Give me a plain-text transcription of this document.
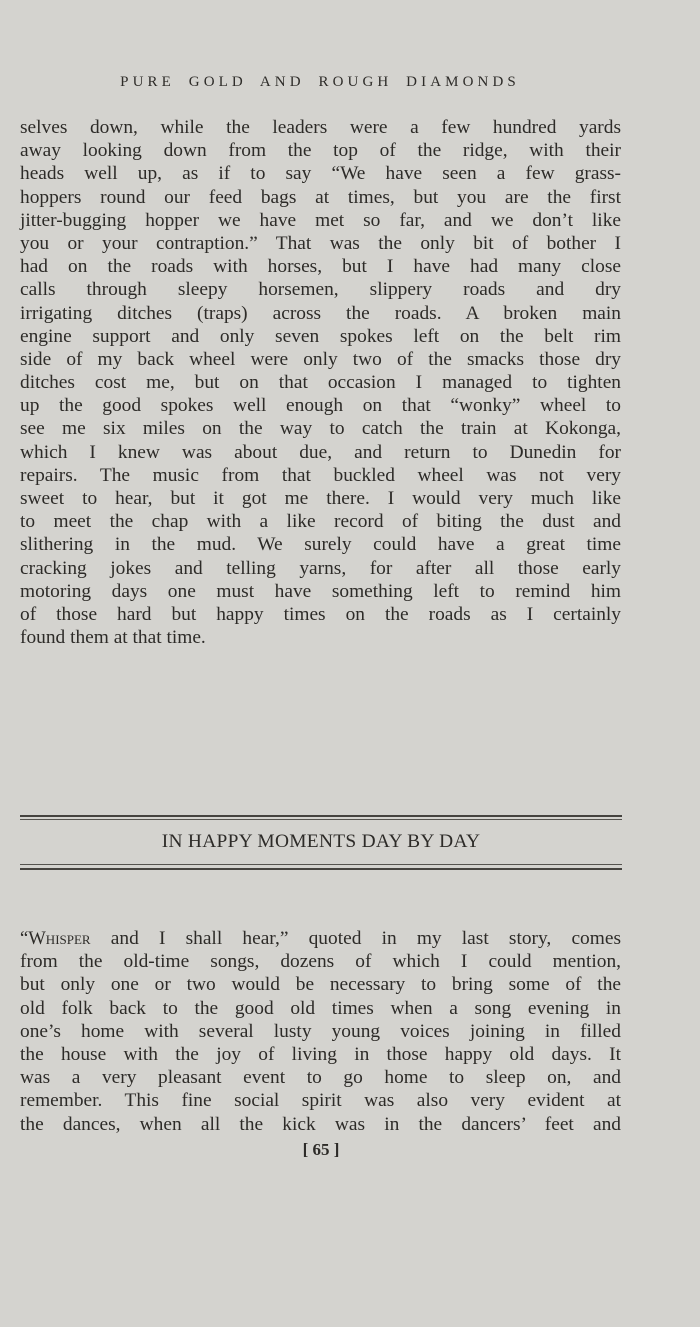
PURE GOLD AND ROUGH DIAMONDS
selves down, while the leaders were a few hundred yards
away looking down from the top of the ridge, with their
heads well up, as if to say “We have seen a few grass-
hoppers round our feed bags at times, but you are the first
jitter-bugging hopper we have met so far, and we don’t like
you or your contraption.” That was the only bit of bother I
had on the roads with horses, but I have had many close
calls through sleepy horsemen, slippery roads and dry
irrigating ditches (traps) across the roads. A broken main
engine support and only seven spokes left on the belt rim
side of my back wheel were only two of the smacks those dry
ditches cost me, but on that occasion I managed to tighten
up the good spokes well enough on that “wonky” wheel to
see me six miles on the way to catch the train at Kokonga,
which I knew was about due, and return to Dunedin for
repairs. The music from that buckled wheel was not very
sweet to hear, but it got me there. I would very much like
to meet the chap with a like record of biting the dust and
slithering in the mud. We surely could have a great time
cracking jokes and telling yarns, for after all those early
motoring days one must have something left to remind him
of those hard but happy times on the roads as I certainly
found them at that time.
IN HAPPY MOMENTS DAY BY DAY
“Whisper and I shall hear,” quoted in my last story, comes
from the old-time songs, dozens of which I could mention,
but only one or two would be necessary to bring some of the
old folk back to the good old times when a song evening in
one’s home with several lusty young voices joining in filled
the house with the joy of living in those happy old days. It
was a very pleasant event to go home to sleep on, and
remember. This fine social spirit was also very evident at
the dances, when all the kick was in the dancers’ feet and
[ 65 ]
